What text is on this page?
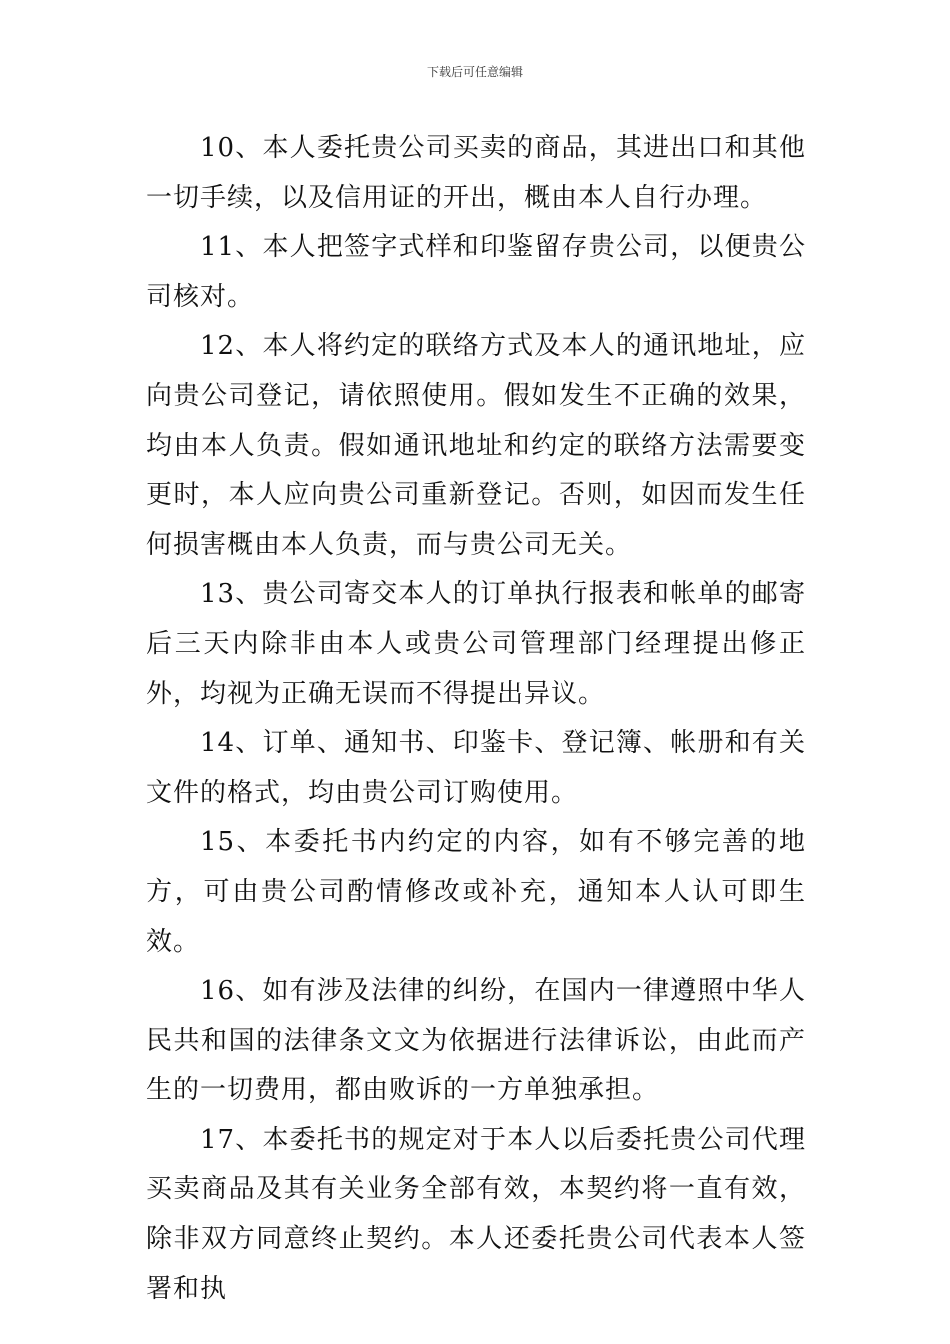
下载后可任意编辑

10、本人委托贵公司买卖的商品，其进出口和其他一切手续，以及信用证的开出，概由本人自行办理。

11、本人把签字式样和印鉴留存贵公司，以便贵公司核对。

12、本人将约定的联络方式及本人的通讯地址，应向贵公司登记，请依照使用。假如发生不正确的效果，均由本人负责。假如通讯地址和约定的联络方法需要变更时，本人应向贵公司重新登记。否则，如因而发生任何损害概由本人负责，而与贵公司无关。

13、贵公司寄交本人的订单执行报表和帐单的邮寄后三天内除非由本人或贵公司管理部门经理提出修正外，均视为正确无误而不得提出异议。

14、订单、通知书、印鉴卡、登记簿、帐册和有关文件的格式，均由贵公司订购使用。

15、本委托书内约定的内容，如有不够完善的地方，可由贵公司酌情修改或补充，通知本人认可即生效。

16、如有涉及法律的纠纷，在国内一律遵照中华人民共和国的法律条文文为依据进行法律诉讼，由此而产生的一切费用，都由败诉的一方单独承担。

17、本委托书的规定对于本人以后委托贵公司代理买卖商品及其有关业务全部有效，本契约将一直有效，除非双方同意终止契约。本人还委托贵公司代表本人签署和执
